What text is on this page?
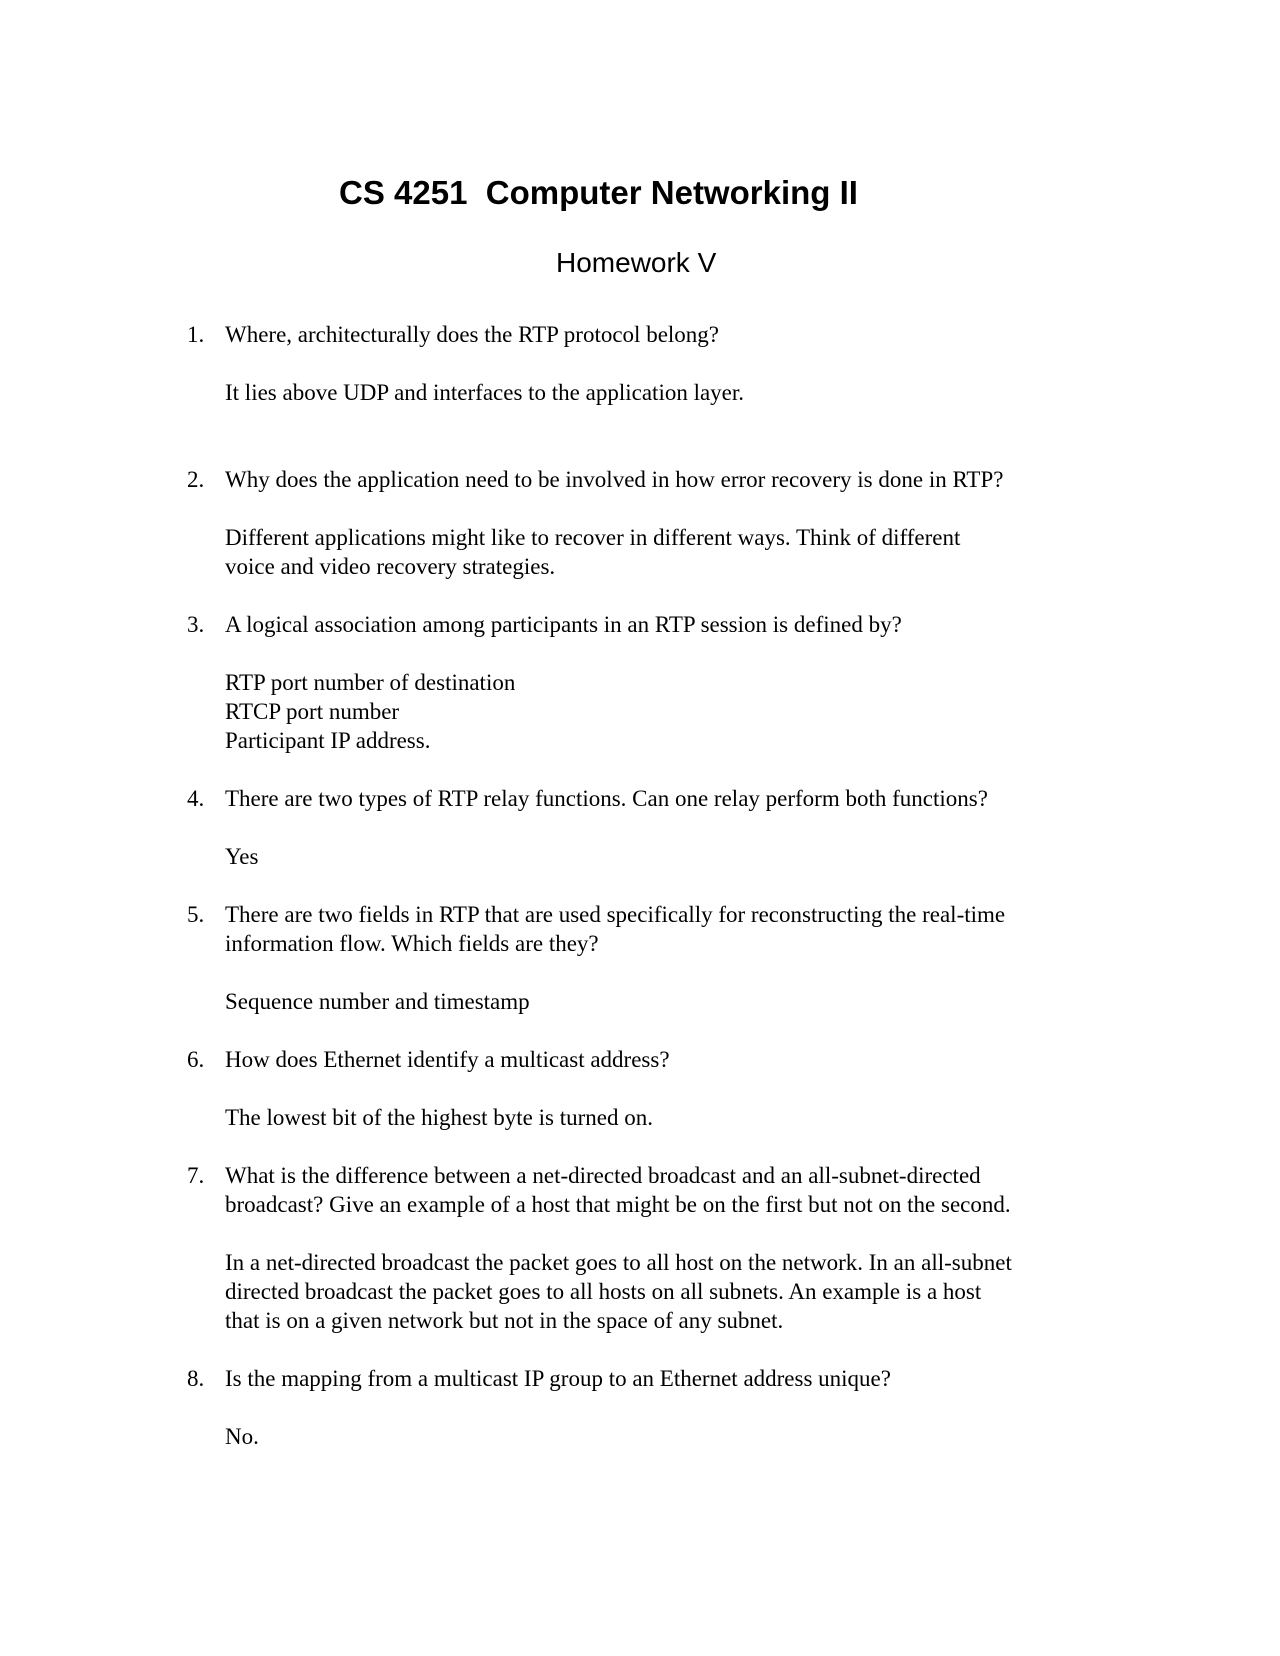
CS 4251  Computer Networking II
Homework V
1. Where, architecturally does the RTP protocol belong?
It lies above UDP and interfaces to the application layer.
2. Why does the application need to be involved in how error recovery is done in RTP?
Different applications might like to recover in different ways. Think of different
voice and video recovery strategies.
3. A logical association among participants in an RTP session is defined by?
RTP port number of destination
RTCP port number
Participant IP address.
4. There are two types of RTP relay functions. Can one relay perform both functions?
Yes
5. There are two fields in RTP that are used specifically for reconstructing the real-time
information flow. Which fields are they?
Sequence number and timestamp
6. How does Ethernet identify a multicast address?
The lowest bit of the highest byte is turned on.
7. What is the difference between a net-directed broadcast and an all-subnet-directed
broadcast? Give an example of a host that might be on the first but not on the second.
In a net-directed broadcast the packet goes to all host on the network. In an all-subnet
directed broadcast the packet goes to all hosts on all subnets. An example is a host
that is on a given network but not in the space of any subnet.
8. Is the mapping from a multicast IP group to an Ethernet address unique?
No.
